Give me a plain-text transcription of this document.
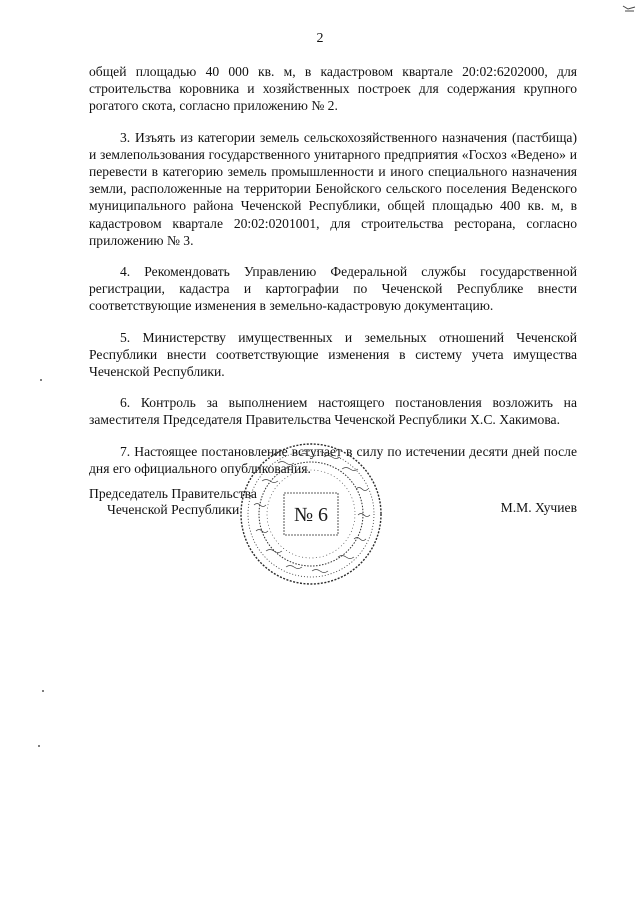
2

общей площадью 40 000 кв. м, в кадастровом квартале 20:02:6202000, для строительства коровника и хозяйственных построек для содержания крупного рогатого скота, согласно приложению № 2.

3. Изъять из категории земель сельскохозяйственного назначения (пастбища) и землепользования государственного унитарного предприятия «Госхоз «Ведено» и перевести в категорию земель промышленности и иного специального назначения земли, расположенные на территории Бенойского сельского поселения Веденского муниципального района Чеченской Республики, общей площадью 400 кв. м, в кадастровом квартале 20:02:0201001, для строительства ресторана, согласно приложению № 3.

4. Рекомендовать Управлению Федеральной службы государственной регистрации, кадастра и картографии по Чеченской Республике внести соответствующие изменения в земельно-кадастровую документацию.

5. Министерству имущественных и земельных отношений Чеченской Республики внести соответствующие изменения в систему учета имущества Чеченской Республики.

6. Контроль за выполнением настоящего постановления возложить на заместителя Председателя Правительства Чеченской Республики Х.С. Хакимова.

7. Настоящее постановление вступает в силу по истечении десяти дней после дня его официального опубликования.

№ 6
Председатель Правительства
Чеченской Республики	М.М. Хучиев
